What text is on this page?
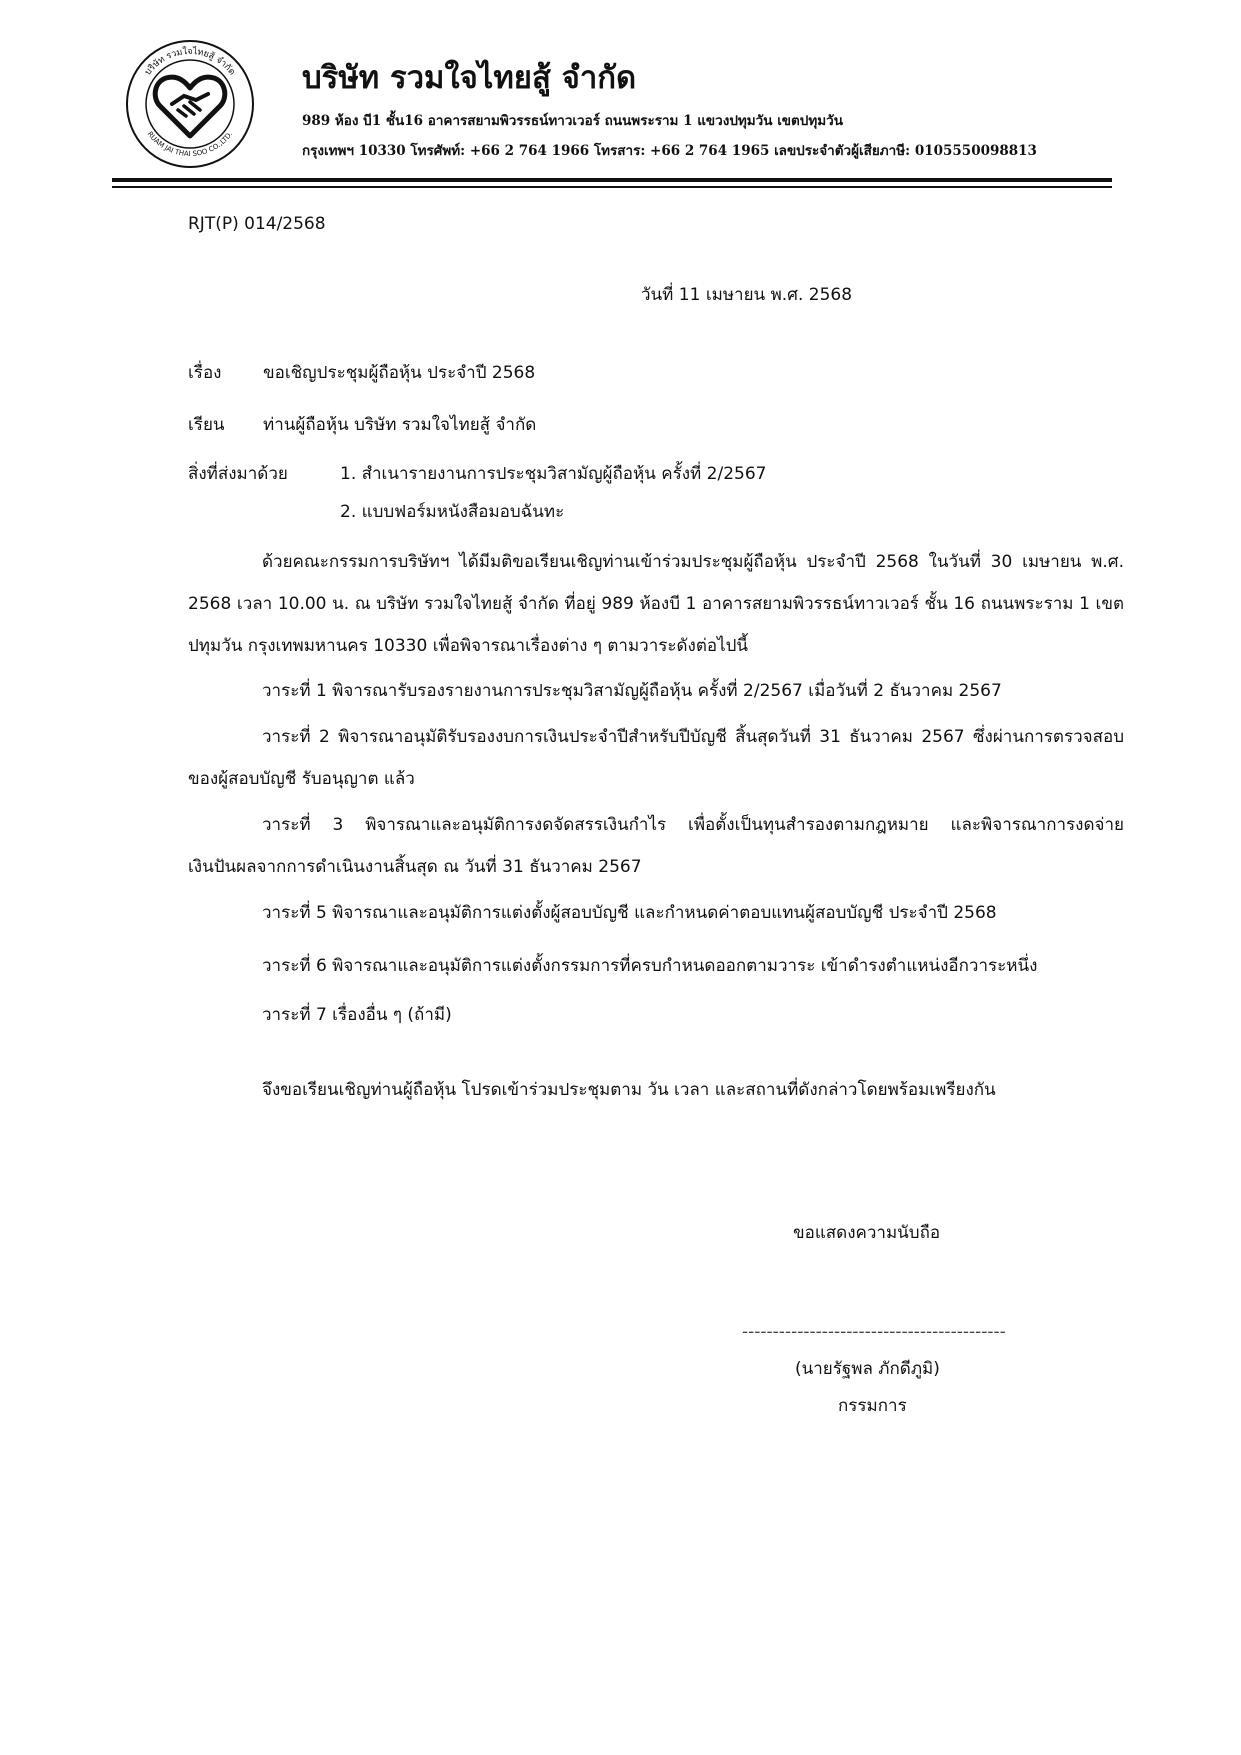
บริษัท รวมใจไทยสู้ จำกัด
RUAM JAI THAI SOO CO.,LTD.
บริษัท รวมใจไทยสู้ จำกัด
989 ห้อง บี1 ชั้น16 อาคารสยามพิวรรธน์ทาวเวอร์ ถนนพระราม 1 แขวงปทุมวัน เขตปทุมวัน
กรุงเทพฯ 10330 โทรศัพท์: +66 2 764 1966 โทรสาร: +66 2 764 1965 เลขประจำตัวผู้เสียภาษี: 0105550098813
RJT(P) 014/2568
วันที่ 11 เมษายน พ.ศ. 2568
เรื่อง ขอเชิญประชุมผู้ถือหุ้น ประจำปี 2568
เรียน ท่านผู้ถือหุ้น บริษัท รวมใจไทยสู้ จำกัด
สิ่งที่ส่งมาด้วย	1. สำเนารายงานการประชุมวิสามัญผู้ถือหุ้น ครั้งที่ 2/2567
2. แบบฟอร์มหนังสือมอบฉันทะ
ด้วยคณะกรรมการบริษัทฯ ได้มีมติขอเรียนเชิญท่านเข้าร่วมประชุมผู้ถือหุ้น ประจำปี 2568 ในวันที่ 30 เมษายน พ.ศ. 2568 เวลา 10.00 น. ณ บริษัท รวมใจไทยสู้ จำกัด ที่อยู่ 989 ห้องบี 1 อาคารสยามพิวรรธน์ทาวเวอร์ ชั้น 16 ถนนพระราม 1 เขตปทุมวัน กรุงเทพมหานคร 10330 เพื่อพิจารณาเรื่องต่าง ๆ ตามวาระดังต่อไปนี้
วาระที่ 1 พิจารณารับรองรายงานการประชุมวิสามัญผู้ถือหุ้น ครั้งที่ 2/2567 เมื่อวันที่ 2 ธันวาคม 2567
วาระที่ 2 พิจารณาอนุมัติรับรองงบการเงินประจำปีสำหรับปีบัญชี สิ้นสุดวันที่ 31 ธันวาคม 2567 ซึ่งผ่านการตรวจสอบของผู้สอบบัญชี รับอนุญาต แล้ว
วาระที่ 3 พิจารณาและอนุมัติการงดจัดสรรเงินกำไร เพื่อตั้งเป็นทุนสำรองตามกฎหมาย และพิจารณาการงดจ่ายเงินปันผลจากการดำเนินงานสิ้นสุด ณ วันที่ 31 ธันวาคม 2567
วาระที่ 5 พิจารณาและอนุมัติการแต่งตั้งผู้สอบบัญชี และกำหนดค่าตอบแทนผู้สอบบัญชี ประจำปี 2568
วาระที่ 6 พิจารณาและอนุมัติการแต่งตั้งกรรมการที่ครบกำหนดออกตามวาระ เข้าดำรงตำแหน่งอีกวาระหนึ่ง
วาระที่ 7 เรื่องอื่น ๆ (ถ้ามี)
จึงขอเรียนเชิญท่านผู้ถือหุ้น โปรดเข้าร่วมประชุมตาม วัน เวลา และสถานที่ดังกล่าวโดยพร้อมเพรียงกัน
ขอแสดงความนับถือ
-------------------------------------------
(นายรัฐพล ภักดีภูมิ)
กรรมการ
